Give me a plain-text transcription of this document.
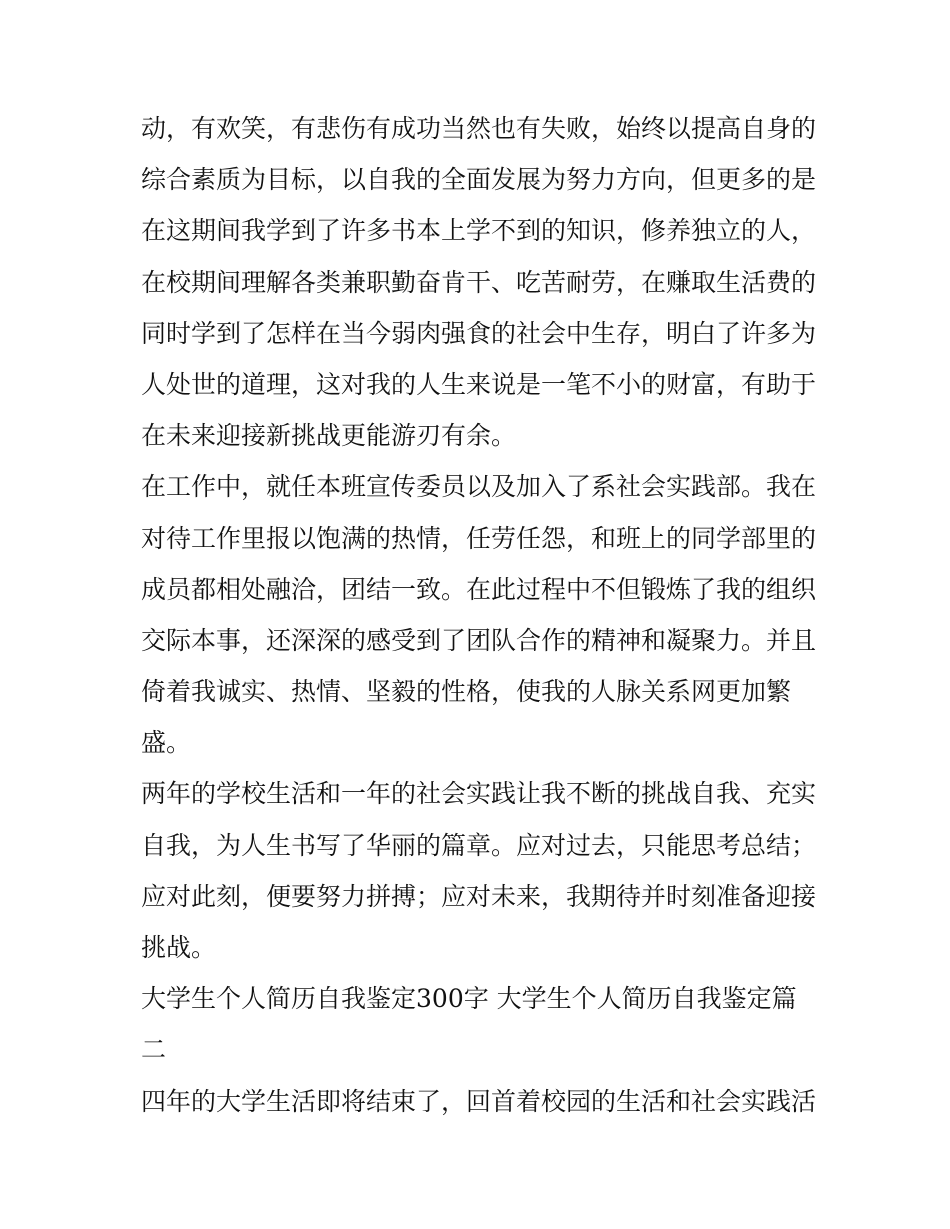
动，有欢笑，有悲伤有成功当然也有失败，始终以提高自身的
综合素质为目标，以自我的全面发展为努力方向，但更多的是
在这期间我学到了许多书本上学不到的知识，修养独立的人，
在校期间理解各类兼职勤奋肯干、吃苦耐劳，在赚取生活费的
同时学到了怎样在当今弱肉强食的社会中生存，明白了许多为
人处世的道理，这对我的人生来说是一笔不小的财富，有助于
在未来迎接新挑战更能游刃有余。
在工作中，就任本班宣传委员以及加入了系社会实践部。我在
对待工作里报以饱满的热情，任劳任怨，和班上的同学部里的
成员都相处融洽，团结一致。在此过程中不但锻炼了我的组织
交际本事，还深深的感受到了团队合作的精神和凝聚力。并且
倚着我诚实、热情、坚毅的性格，使我的人脉关系网更加繁
盛。
两年的学校生活和一年的社会实践让我不断的挑战自我、充实
自我，为人生书写了华丽的篇章。应对过去，只能思考总结；
应对此刻，便要努力拼搏；应对未来，我期待并时刻准备迎接
挑战。
大学生个人简历自我鉴定300字 大学生个人简历自我鉴定篇
二
四年的大学生活即将结束了，回首着校园的生活和社会实践活
